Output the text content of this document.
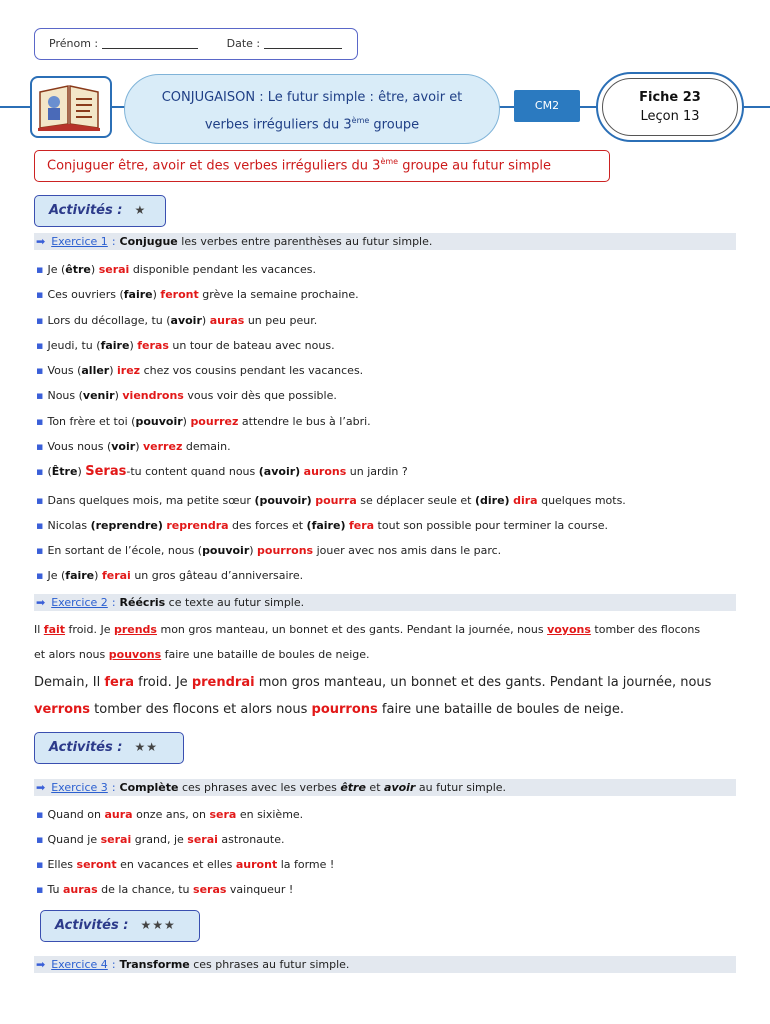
Prénom :	Date :
CONJUGAISON : Le futur simple : être, avoir et
verbes irréguliers du 3ème groupe
CM2
Fiche 23
Leçon 13
Conjuguer être, avoir et des verbes irréguliers du 3ème groupe au futur simple
Activités : ★
➡ Exercice 1 : Conjugue les verbes entre parenthèses au futur simple.
▪ Je (être) serai disponible pendant les vacances.
▪ Ces ouvriers (faire) feront grève la semaine prochaine.
▪ Lors du décollage, tu (avoir) auras un peu peur.
▪ Jeudi, tu (faire) feras un tour de bateau avec nous.
▪ Vous (aller) irez chez vos cousins pendant les vacances.
▪ Nous (venir) viendrons vous voir dès que possible.
▪ Ton frère et toi (pouvoir) pourrez attendre le bus à l’abri.
▪ Vous nous (voir) verrez demain.
▪ (Être) Seras-tu content quand nous (avoir) aurons un jardin ?
▪ Dans quelques mois, ma petite sœur (pouvoir) pourra se déplacer seule et (dire) dira quelques mots.
▪ Nicolas (reprendre) reprendra des forces et (faire) fera tout son possible pour terminer la course.
▪ En sortant de l’école, nous (pouvoir) pourrons jouer avec nos amis dans le parc.
▪ Je (faire) ferai un gros gâteau d’anniversaire.
➡ Exercice 2 : Réécris ce texte au futur simple.
Il fait froid. Je prends mon gros manteau, un bonnet et des gants. Pendant la journée, nous voyons tomber des flocons
et alors nous pouvons faire une bataille de boules de neige.
Demain, Il fera froid. Je prendrai mon gros manteau, un bonnet et des gants. Pendant la journée, nous
verrons tomber des flocons et alors nous pourrons faire une bataille de boules de neige.
Activités : ★★
➡ Exercice 3 : Complète ces phrases avec les verbes être et avoir au futur simple.
▪ Quand on aura onze ans, on sera en sixième.
▪ Quand je serai grand, je serai astronaute.
▪ Elles seront en vacances et elles auront la forme !
▪ Tu auras de la chance, tu seras vainqueur !
Activités : ★★★
➡ Exercice 4 : Transforme ces phrases au futur simple.
